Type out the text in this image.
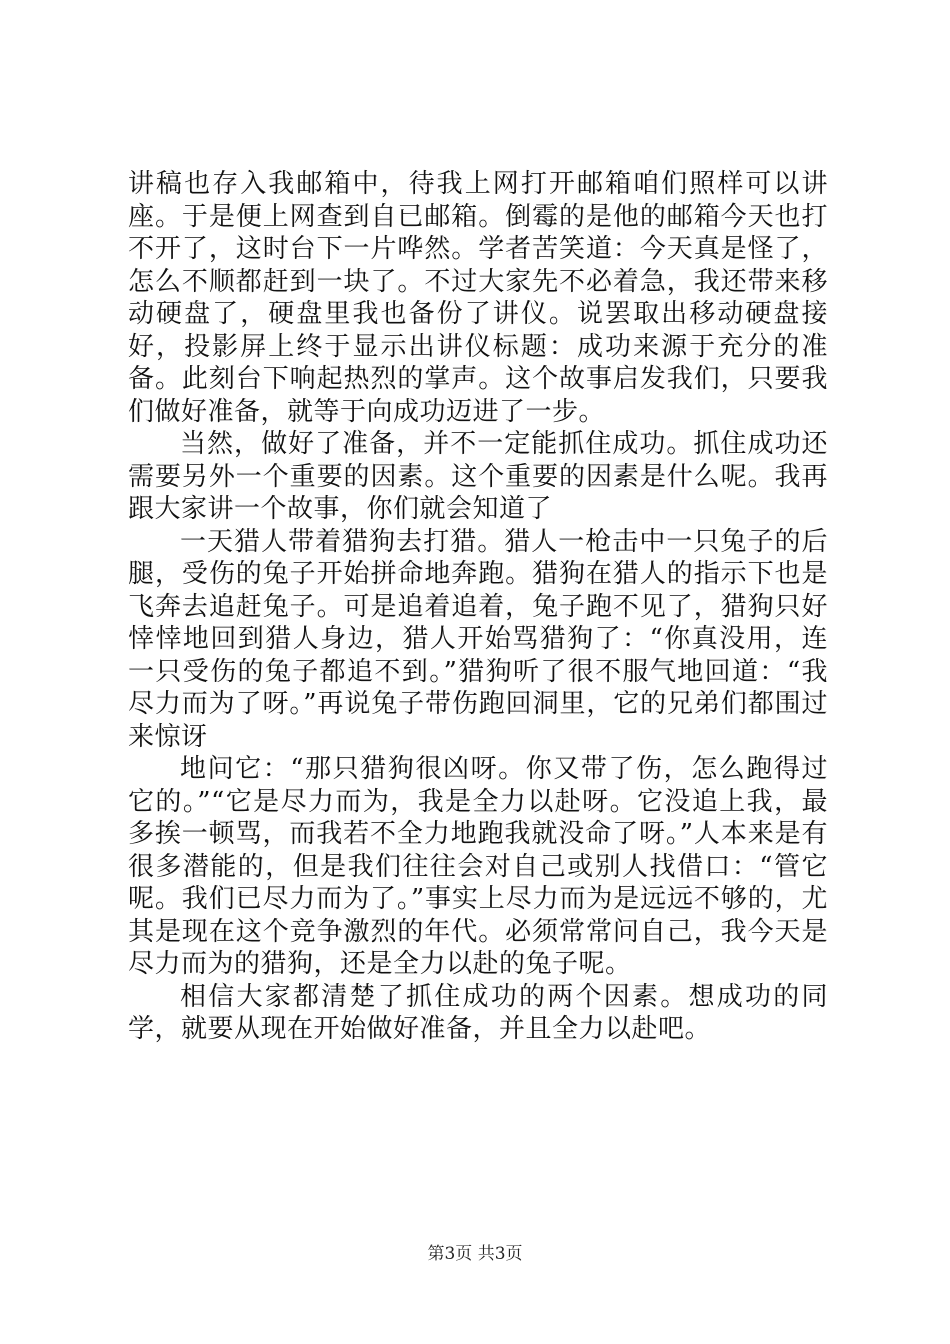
讲稿也存入我邮箱中，待我上网打开邮箱咱们照样可以讲座。于是便上网查到自已邮箱。倒霉的是他的邮箱今天也打不开了，这时台下一片哗然。学者苦笑道：今天真是怪了，怎么不顺都赶到一块了。不过大家先不必着急，我还带来移动硬盘了，硬盘里我也备份了讲仪。说罢取出移动硬盘接好，投影屏上终于显示出讲仪标题：成功来源于充分的准备。此刻台下响起热烈的掌声。这个故事启发我们，只要我们做好准备，就等于向成功迈进了一步。

当然，做好了准备，并不一定能抓住成功。抓住成功还需要另外一个重要的因素。这个重要的因素是什么呢。我再跟大家讲一个故事，你们就会知道了

一天猎人带着猎狗去打猎。猎人一枪击中一只兔子的后腿，受伤的兔子开始拼命地奔跑。猎狗在猎人的指示下也是飞奔去追赶兔子。可是追着追着，兔子跑不见了，猎狗只好悻悻地回到猎人身边，猎人开始骂猎狗了：“你真没用，连一只受伤的兔子都追不到。”猎狗听了很不服气地回道：“我尽力而为了呀。”再说兔子带伤跑回洞里，它的兄弟们都围过来惊讶

地问它：“那只猎狗很凶呀。你又带了伤，怎么跑得过它的。”“它是尽力而为，我是全力以赴呀。它没追上我，最多挨一顿骂，而我若不全力地跑我就没命了呀。”人本来是有很多潜能的，但是我们往往会对自己或别人找借口：“管它呢。我们已尽力而为了。”事实上尽力而为是远远不够的，尤其是现在这个竞争激烈的年代。必须常常问自己，我今天是尽力而为的猎狗，还是全力以赴的兔子呢。

相信大家都清楚了抓住成功的两个因素。想成功的同学，就要从现在开始做好准备，并且全力以赴吧。

第3页 共3页
